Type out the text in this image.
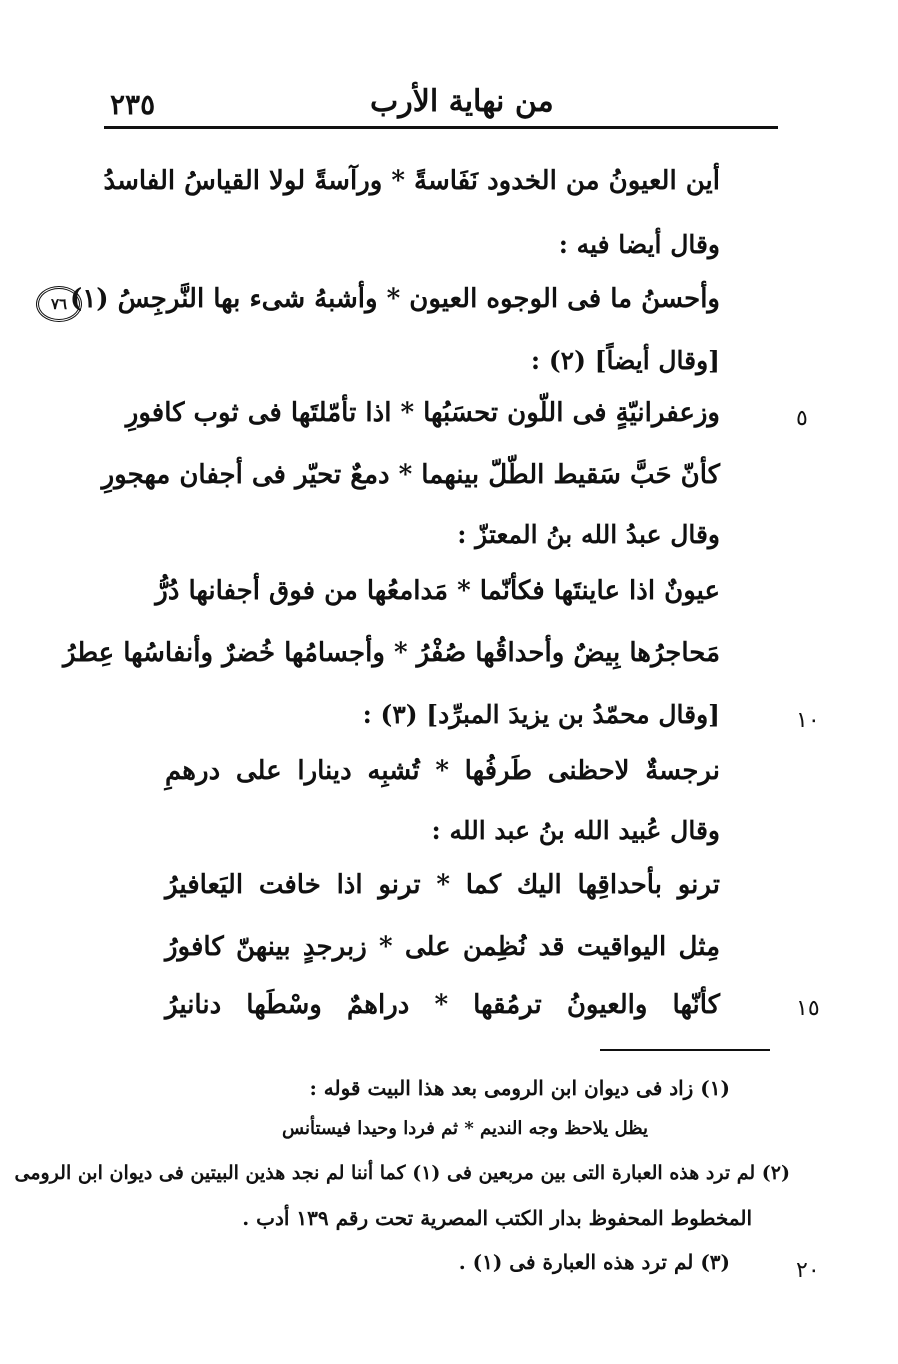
٢٣٥	من نهاية الأرب
٧٦
أين العيونُ من الخدود نَفَاسةً * ورآسةً لولا القياسُ الفاسدُ
وقال أيضا فيه :
وأحسنُ ما فى الوجوه العيون * وأشبهُ شىء بها النَّرجِسُ (١)
[وقال أيضاً] (٢) :
وزعفرانيّةٍ فى اللّون تحسَبُها * اذا تأمّلتَها فى ثوب كافورِ
كأنّ حَبَّ سَقيط الطّلّ بينهما * دمعٌ تحيّر فى أجفان مهجورِ
وقال عبدُ الله بنُ المعتزّ :
عيونٌ اذا عاينتَها فكأنّما * مَدامعُها من فوق أجفانها دُرُّ
مَحاجرُها بِيضٌ وأحداقُها صُفْرُ * وأجسامُها خُضرٌ وأنفاسُها عِطرُ
[وقال محمّدُ بن يزيدَ المبرِّد] (٣) :
نرجسةٌ لاحظنى طَرفُها * تُشبِه دينارا على درهمِ
وقال عُبيد الله بنُ عبد الله :
ترنو بأحداقِها اليك كما * ترنو اذا خافت اليَعافيرُ
مِثل اليواقيت قد نُظِمن على * زبرجدٍ بينهنّ كافورُ
كأنّها والعيونُ ترمُقها * دراهمٌ وسْطَها دنانيرُ
٥
١٠
١٥
٢٠
(١) زاد فى ديوان ابن الرومى بعد هذا البيت قوله :
يظل يلاحظ وجه النديم * ثم فردا وحيدا فيستأنس
(٢) لم ترد هذه العبارة التى بين مربعين فى (١) كما أننا لم نجد هذين البيتين فى ديوان ابن الرومى
المخطوط المحفوظ بدار الكتب المصرية تحت رقم ١٣٩ أدب .
(٣) لم ترد هذه العبارة فى (١) .
